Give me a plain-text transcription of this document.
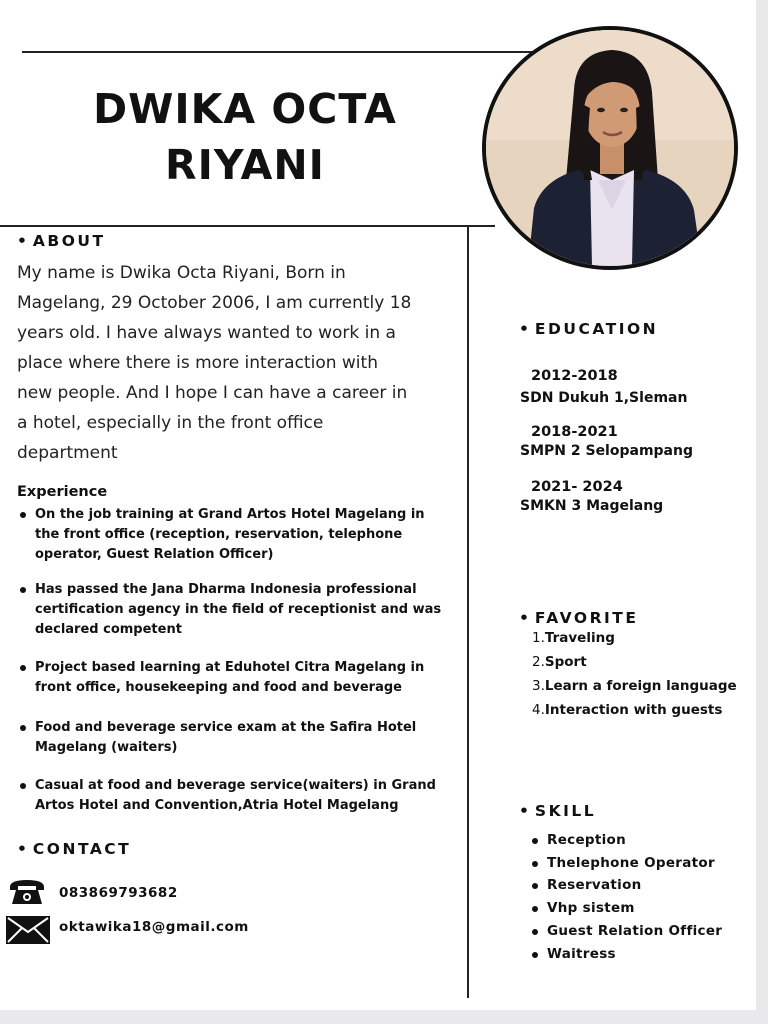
DWIKA OCTA
RIYANI
• ABOUT
My name is Dwika Octa Riyani, Born in
Magelang, 29 October 2006, I am currently 18
years old. I have always wanted to work in a
place where there is more interaction with
new people. And I hope I can have a career in
a hotel, especially in the front office
department
Experience
On the job training at Grand Artos Hotel Magelang in
the front office (reception, reservation, telephone
operator, Guest Relation Officer)
Has passed the Jana Dharma Indonesia professional
certification agency in the field of receptionist and was
declared competent
Project based learning at Eduhotel Citra Magelang in
front office, housekeeping and food and beverage
Food and beverage service exam at the Safira Hotel
Magelang (waiters)
Casual at food and beverage service(waiters) in Grand
Artos Hotel and Convention,Atria Hotel Magelang
• CONTACT
083869793682
oktawika18@gmail.com
• EDUCATION
2012-2018
SDN Dukuh 1,Sleman
2018-2021
SMPN 2 Selopampang
2021- 2024
SMKN 3 Magelang
• FAVORITE
1.Traveling
2.Sport
3.Learn a foreign language
4.Interaction with guests
• SKILL
Reception
Thelephone Operator
Reservation
Vhp sistem
Guest Relation Officer
Waitress
